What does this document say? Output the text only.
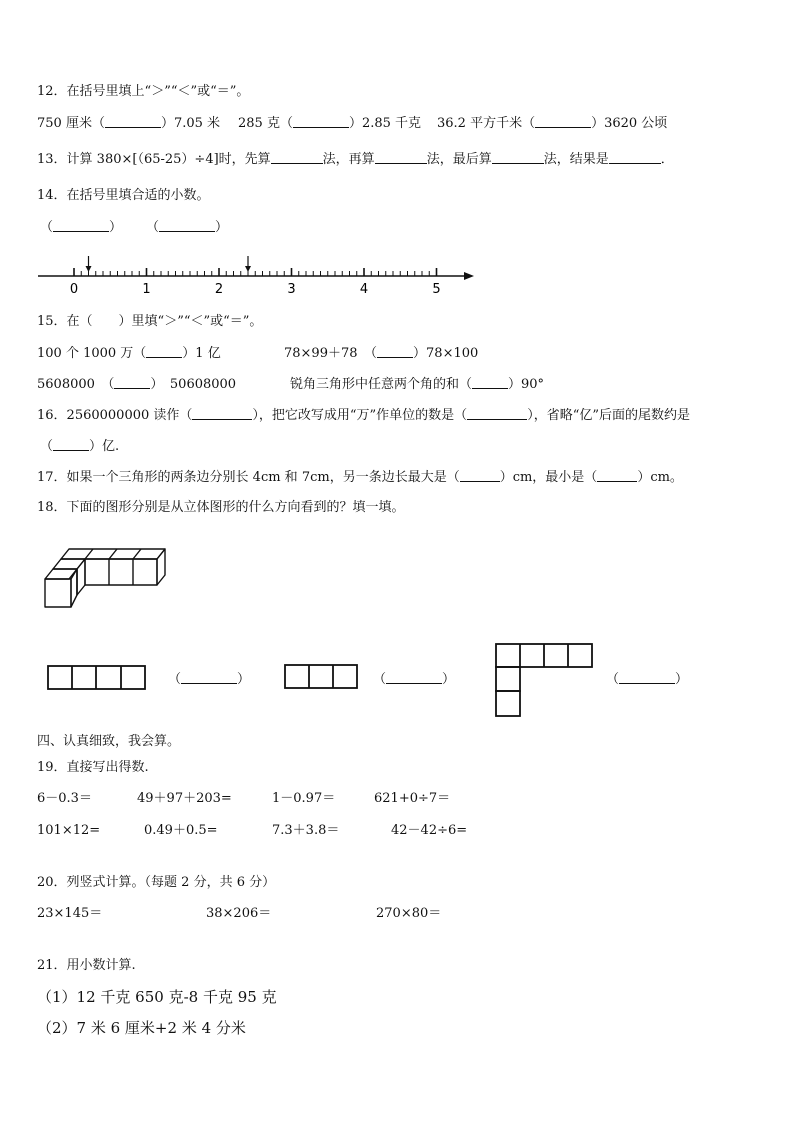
12．在括号里填上“＞”“＜”或“＝”。
750 厘米（	）7.05 米 285 克（	）2.85 千克 36.2 平方千米（	）3620 公顷
13．计算 380×[（65-25）÷4]时，先算	法，再算	法，最后算	法，结果是	．
14．在括号里填合适的小数。
（	） （	）
0	1	2	3	4	5
15．在（　　）里填“＞”“＜”或“＝”。
100 个 1000 万（	）1 亿	78×99＋78　（	）78×100
5608000　（	）　50608000	锐角三角形中任意两个角的和（	）90°
16．2560000000 读作（	），把它改写成用“万”作单位的数是（	），省略“亿”后面的尾数约是
（	）亿.
17．如果一个三角形的两条边分别长 4cm 和 7cm，另一条边长最大是（	）cm，最小是（	）cm。
18．下面的图形分别是从立体图形的什么方向看到的？填一填。
（	）	（	）	（	）
四、认真细致，我会算。
19．直接写出得数.
6－0.3＝	49＋97＋203=	1－0.97＝	621+0÷7＝
101×12=	0.49＋0.5=	7.3＋3.8＝	42－42÷6=
20．列竖式计算。（每题 2 分，共 6 分）
23×145＝	38×206＝	270×80＝
21．用小数计算.
（1）12 千克 650 克-8 千克 95 克
（2）7 米 6 厘米+2 米 4 分米
